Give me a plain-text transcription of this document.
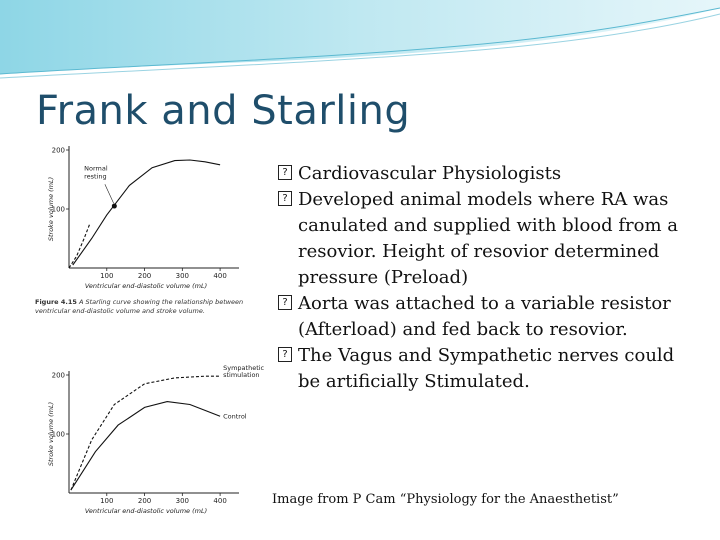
Frank and Starling
100	200	300	400
200
100
Ventricular end-diastolic volume (mL)
Stroke volume (mL)
Normal
resting
100	200	300	400
200
100
Ventricular end-diastolic volume (mL)
Stroke volume (mL)
Sympathetic stimulation
Control
Figure 4.15 A Starling curve showing the relationship between ventricular end-diastolic volume and stroke volume.
? Cardiovascular Physiologists
? Developed animal models where RA was canulated and supplied with blood from a resovior. Height of resovior determined pressure (Preload)
? Aorta was attached to a variable resistor (Afterload) and fed back to resovior.
? The Vagus and Sympathetic nerves could be artificially Stimulated.
Image from P Cam “Physiology for the Anaesthetist”
